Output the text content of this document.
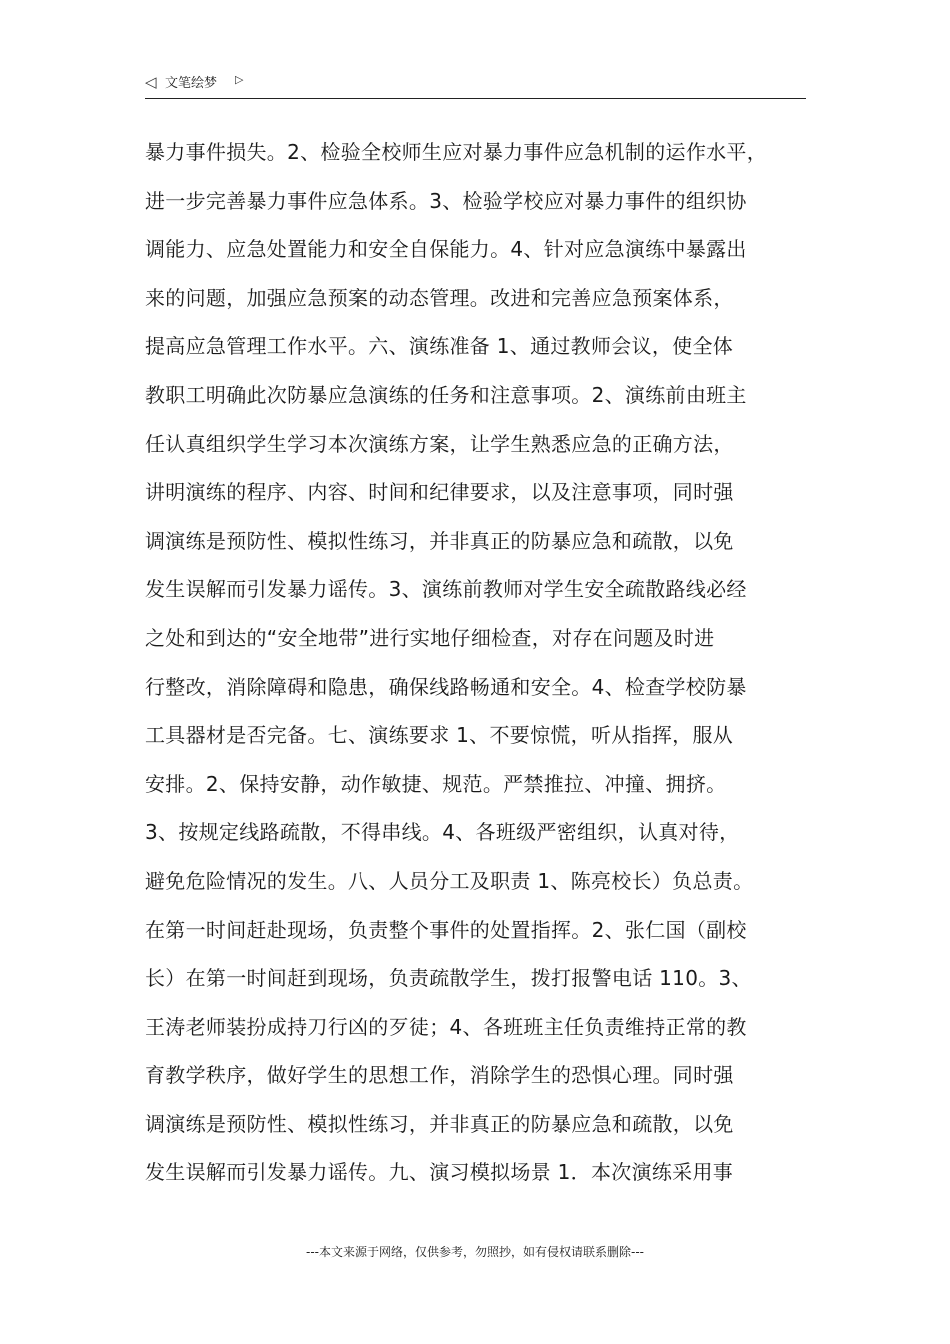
◁ 文笔绘梦 ▷
暴力事件损失。2、检验全校师生应对暴力事件应急机制的运作水平，
进一步完善暴力事件应急体系。3、检验学校应对暴力事件的组织协
调能力、应急处置能力和安全自保能力。4、针对应急演练中暴露出
来的问题，加强应急预案的动态管理。改进和完善应急预案体系，
提高应急管理工作水平。六、演练准备 1、通过教师会议，使全体
教职工明确此次防暴应急演练的任务和注意事项。2、演练前由班主
任认真组织学生学习本次演练方案，让学生熟悉应急的正确方法，
讲明演练的程序、内容、时间和纪律要求，以及注意事项，同时强
调演练是预防性、模拟性练习，并非真正的防暴应急和疏散，以免
发生误解而引发暴力谣传。3、演练前教师对学生安全疏散路线必经
之处和到达的“安全地带”进行实地仔细检查，对存在问题及时进
行整改，消除障碍和隐患，确保线路畅通和安全。4、检查学校防暴
工具器材是否完备。七、演练要求 1、不要惊慌，听从指挥，服从
安排。2、保持安静，动作敏捷、规范。严禁推拉、冲撞、拥挤。
3、按规定线路疏散，不得串线。4、各班级严密组织，认真对待，
避免危险情况的发生。八、人员分工及职责 1、陈亮校长）负总责。
在第一时间赶赴现场，负责整个事件的处置指挥。2、张仁国（副校
长）在第一时间赶到现场，负责疏散学生，拨打报警电话 110。3、
王涛老师装扮成持刀行凶的歹徒；4、各班班主任负责维持正常的教
育教学秩序，做好学生的思想工作，消除学生的恐惧心理。同时强
调演练是预防性、模拟性练习，并非真正的防暴应急和疏散，以免
发生误解而引发暴力谣传。九、演习模拟场景 1．本次演练采用事
---本文来源于网络，仅供参考，勿照抄，如有侵权请联系删除---
